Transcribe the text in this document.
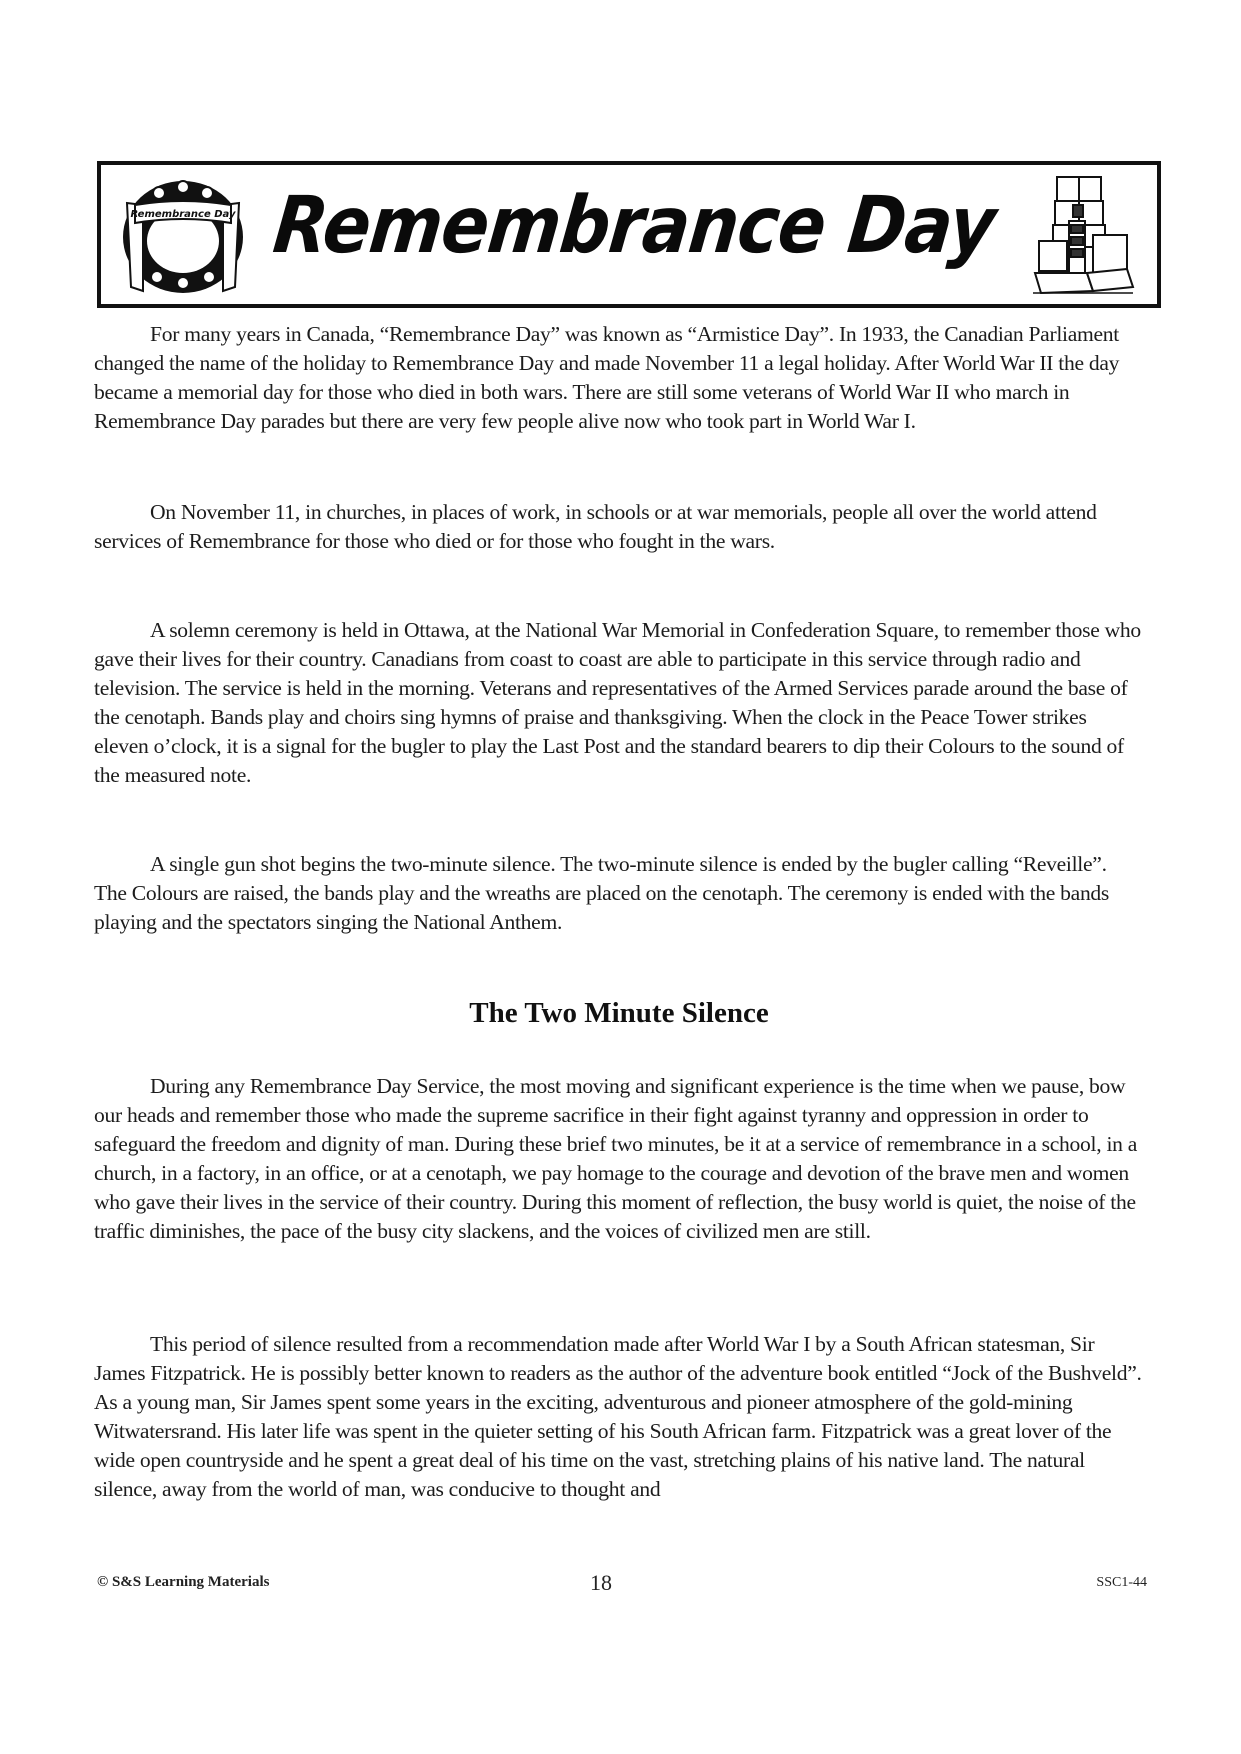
Remembrance Day Remembrance Day

For many years in Canada, “Remembrance Day” was known as “Armistice Day”. In 1933, the Canadian Parliament changed the name of the holiday to Remembrance Day and made November 11 a legal holiday. After World War II the day became a memorial day for those who died in both wars. There are still some veterans of World War II who march in Remembrance Day parades but there are very few people alive now who took part in World War I.

On November 11, in churches, in places of work, in schools or at war memorials, people all over the world attend services of Remembrance for those who died or for those who fought in the wars.

A solemn ceremony is held in Ottawa, at the National War Memorial in Confederation Square, to remember those who gave their lives for their country. Canadians from coast to coast are able to participate in this service through radio and television. The service is held in the morning. Veterans and representatives of the Armed Services parade around the base of the cenotaph. Bands play and choirs sing hymns of praise and thanksgiving. When the clock in the Peace Tower strikes eleven o’clock, it is a signal for the bugler to play the Last Post and the standard bearers to dip their Colours to the sound of the measured note.

A single gun shot begins the two-minute silence. The two-minute silence is ended by the bugler calling “Reveille”. The Colours are raised, the bands play and the wreaths are placed on the cenotaph. The ceremony is ended with the bands playing and the spectators singing the National Anthem.

The Two Minute Silence

During any Remembrance Day Service, the most moving and significant experience is the time when we pause, bow our heads and remember those who made the supreme sacrifice in their fight against tyranny and oppression in order to safeguard the freedom and dignity of man. During these brief two minutes, be it at a service of remembrance in a school, in a church, in a factory, in an office, or at a cenotaph, we pay homage to the courage and devotion of the brave men and women who gave their lives in the service of their country. During this moment of reflection, the busy world is quiet, the noise of the traffic diminishes, the pace of the busy city slackens, and the voices of civilized men are still.

This period of silence resulted from a recommendation made after World War I by a South African statesman, Sir James Fitzpatrick. He is possibly better known to readers as the author of the adventure book entitled “Jock of the Bushveld”. As a young man, Sir James spent some years in the exciting, adventurous and pioneer atmosphere of the gold-mining Witwatersrand. His later life was spent in the quieter setting of his South African farm. Fitzpatrick was a great lover of the wide open countryside and he spent a great deal of his time on the vast, stretching plains of his native land. The natural silence, away from the world of man, was conducive to thought and

© S&S Learning Materials	18	SSC1-44
